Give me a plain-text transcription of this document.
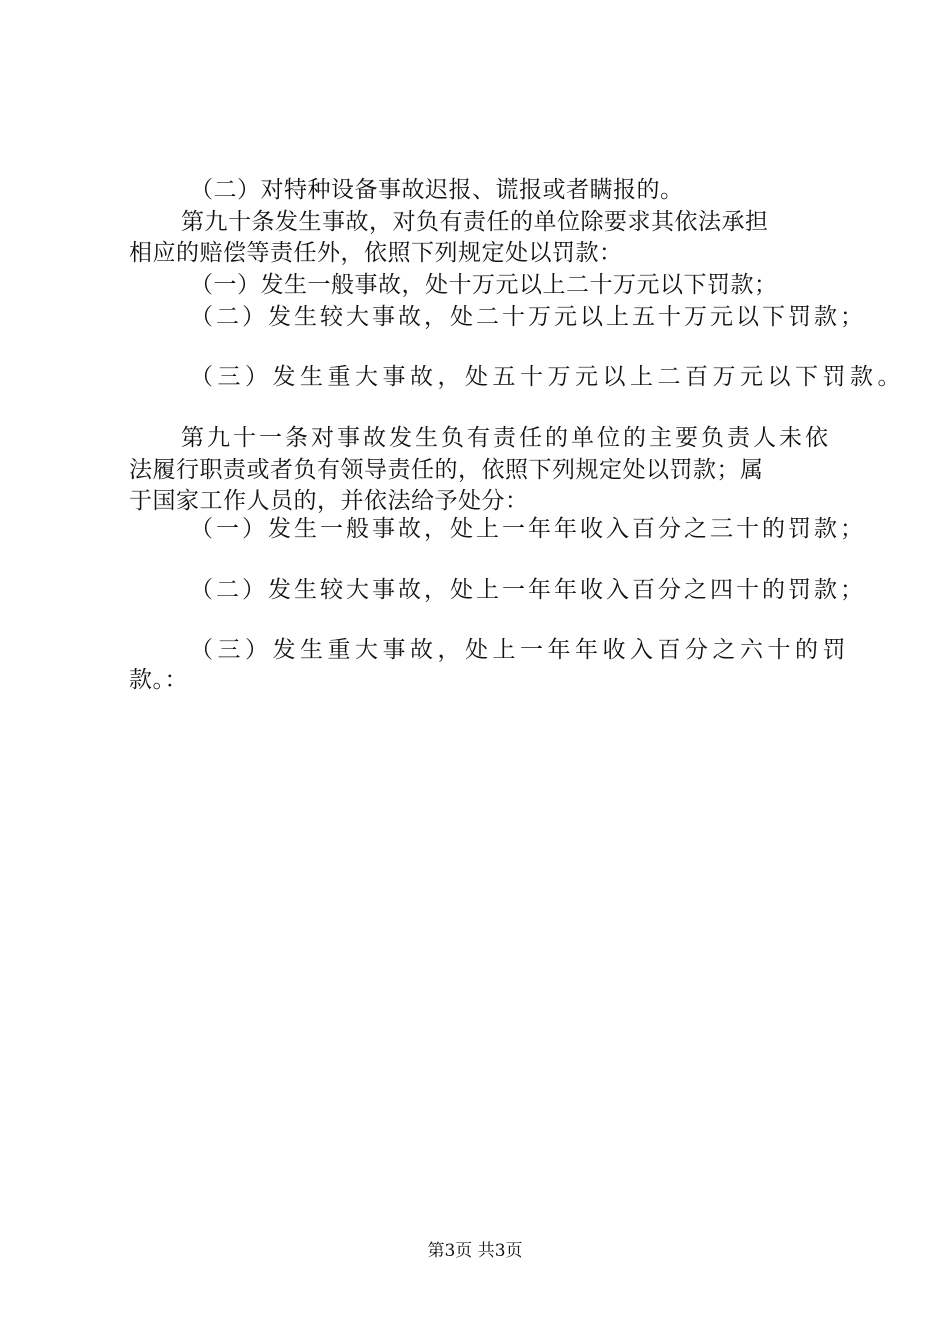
（二）对特种设备事故迟报、谎报或者瞒报的。
第九十条发生事故，对负有责任的单位除要求其依法承担
相应的赔偿等责任外，依照下列规定处以罚款：
（一）发生一般事故，处十万元以上二十万元以下罚款；
（二）发生较大事故，处二十万元以上五十万元以下罚款；
（三）发生重大事故，处五十万元以上二百万元以下罚款。
第九十一条对事故发生负有责任的单位的主要负责人未依
法履行职责或者负有领导责任的，依照下列规定处以罚款；属
于国家工作人员的，并依法给予处分：
（一）发生一般事故，处上一年年收入百分之三十的罚款；
（二）发生较大事故，处上一年年收入百分之四十的罚款；
（三）发生重大事故，处上一年年收入百分之六十的罚
款。：
第3页 共3页
